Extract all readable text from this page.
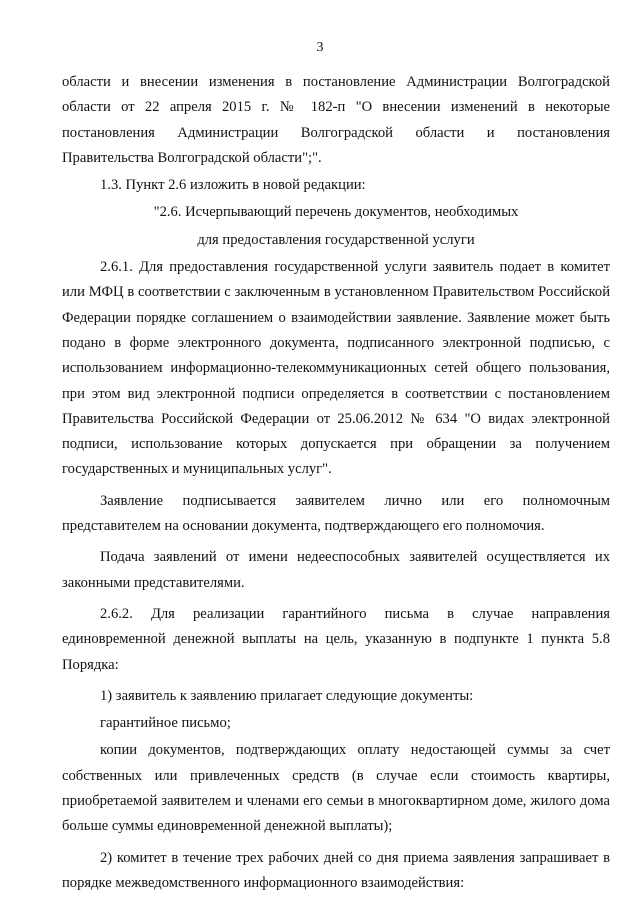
3

области и внесении изменения в постановление Администрации Волгоградской области от 22 апреля 2015 г. № 182-п "О внесении изменений в некоторые постановления Администрации Волгоградской области и постановления Правительства Волгоградской области";".

1.3. Пункт 2.6 изложить в новой редакции:

"2.6. Исчерпывающий перечень документов, необходимых

для предоставления государственной услуги

2.6.1. Для предоставления государственной услуги заявитель подает в комитет или МФЦ в соответствии с заключенным в установленном Правительством Российской Федерации порядке соглашением о взаимодействии заявление. Заявление может быть подано в форме электронного документа, подписанного электронной подписью, с использованием информационно-телекоммуникационных сетей общего пользования, при этом вид электронной подписи определяется в соответствии с постановлением Правительства Российской Федерации от 25.06.2012 № 634 "О видах электронной подписи, использование которых допускается при обращении за получением государственных и муниципальных услуг".

Заявление подписывается заявителем лично или его полномочным представителем на основании документа, подтверждающего его полномочия.

Подача заявлений от имени недееспособных заявителей осуществляется их законными представителями.

2.6.2. Для реализации гарантийного письма в случае направления единовременной денежной выплаты на цель, указанную в подпункте 1 пункта 5.8 Порядка:

1) заявитель к заявлению прилагает следующие документы:

гарантийное письмо;

копии документов, подтверждающих оплату недостающей суммы за счет собственных или привлеченных средств (в случае если стоимость квартиры, приобретаемой заявителем и членами его семьи в многоквартирном доме, жилого дома больше суммы единовременной денежной выплаты);

2) комитет в течение трех рабочих дней со дня приема заявления запрашивает в порядке межведомственного информационного взаимодействия:
